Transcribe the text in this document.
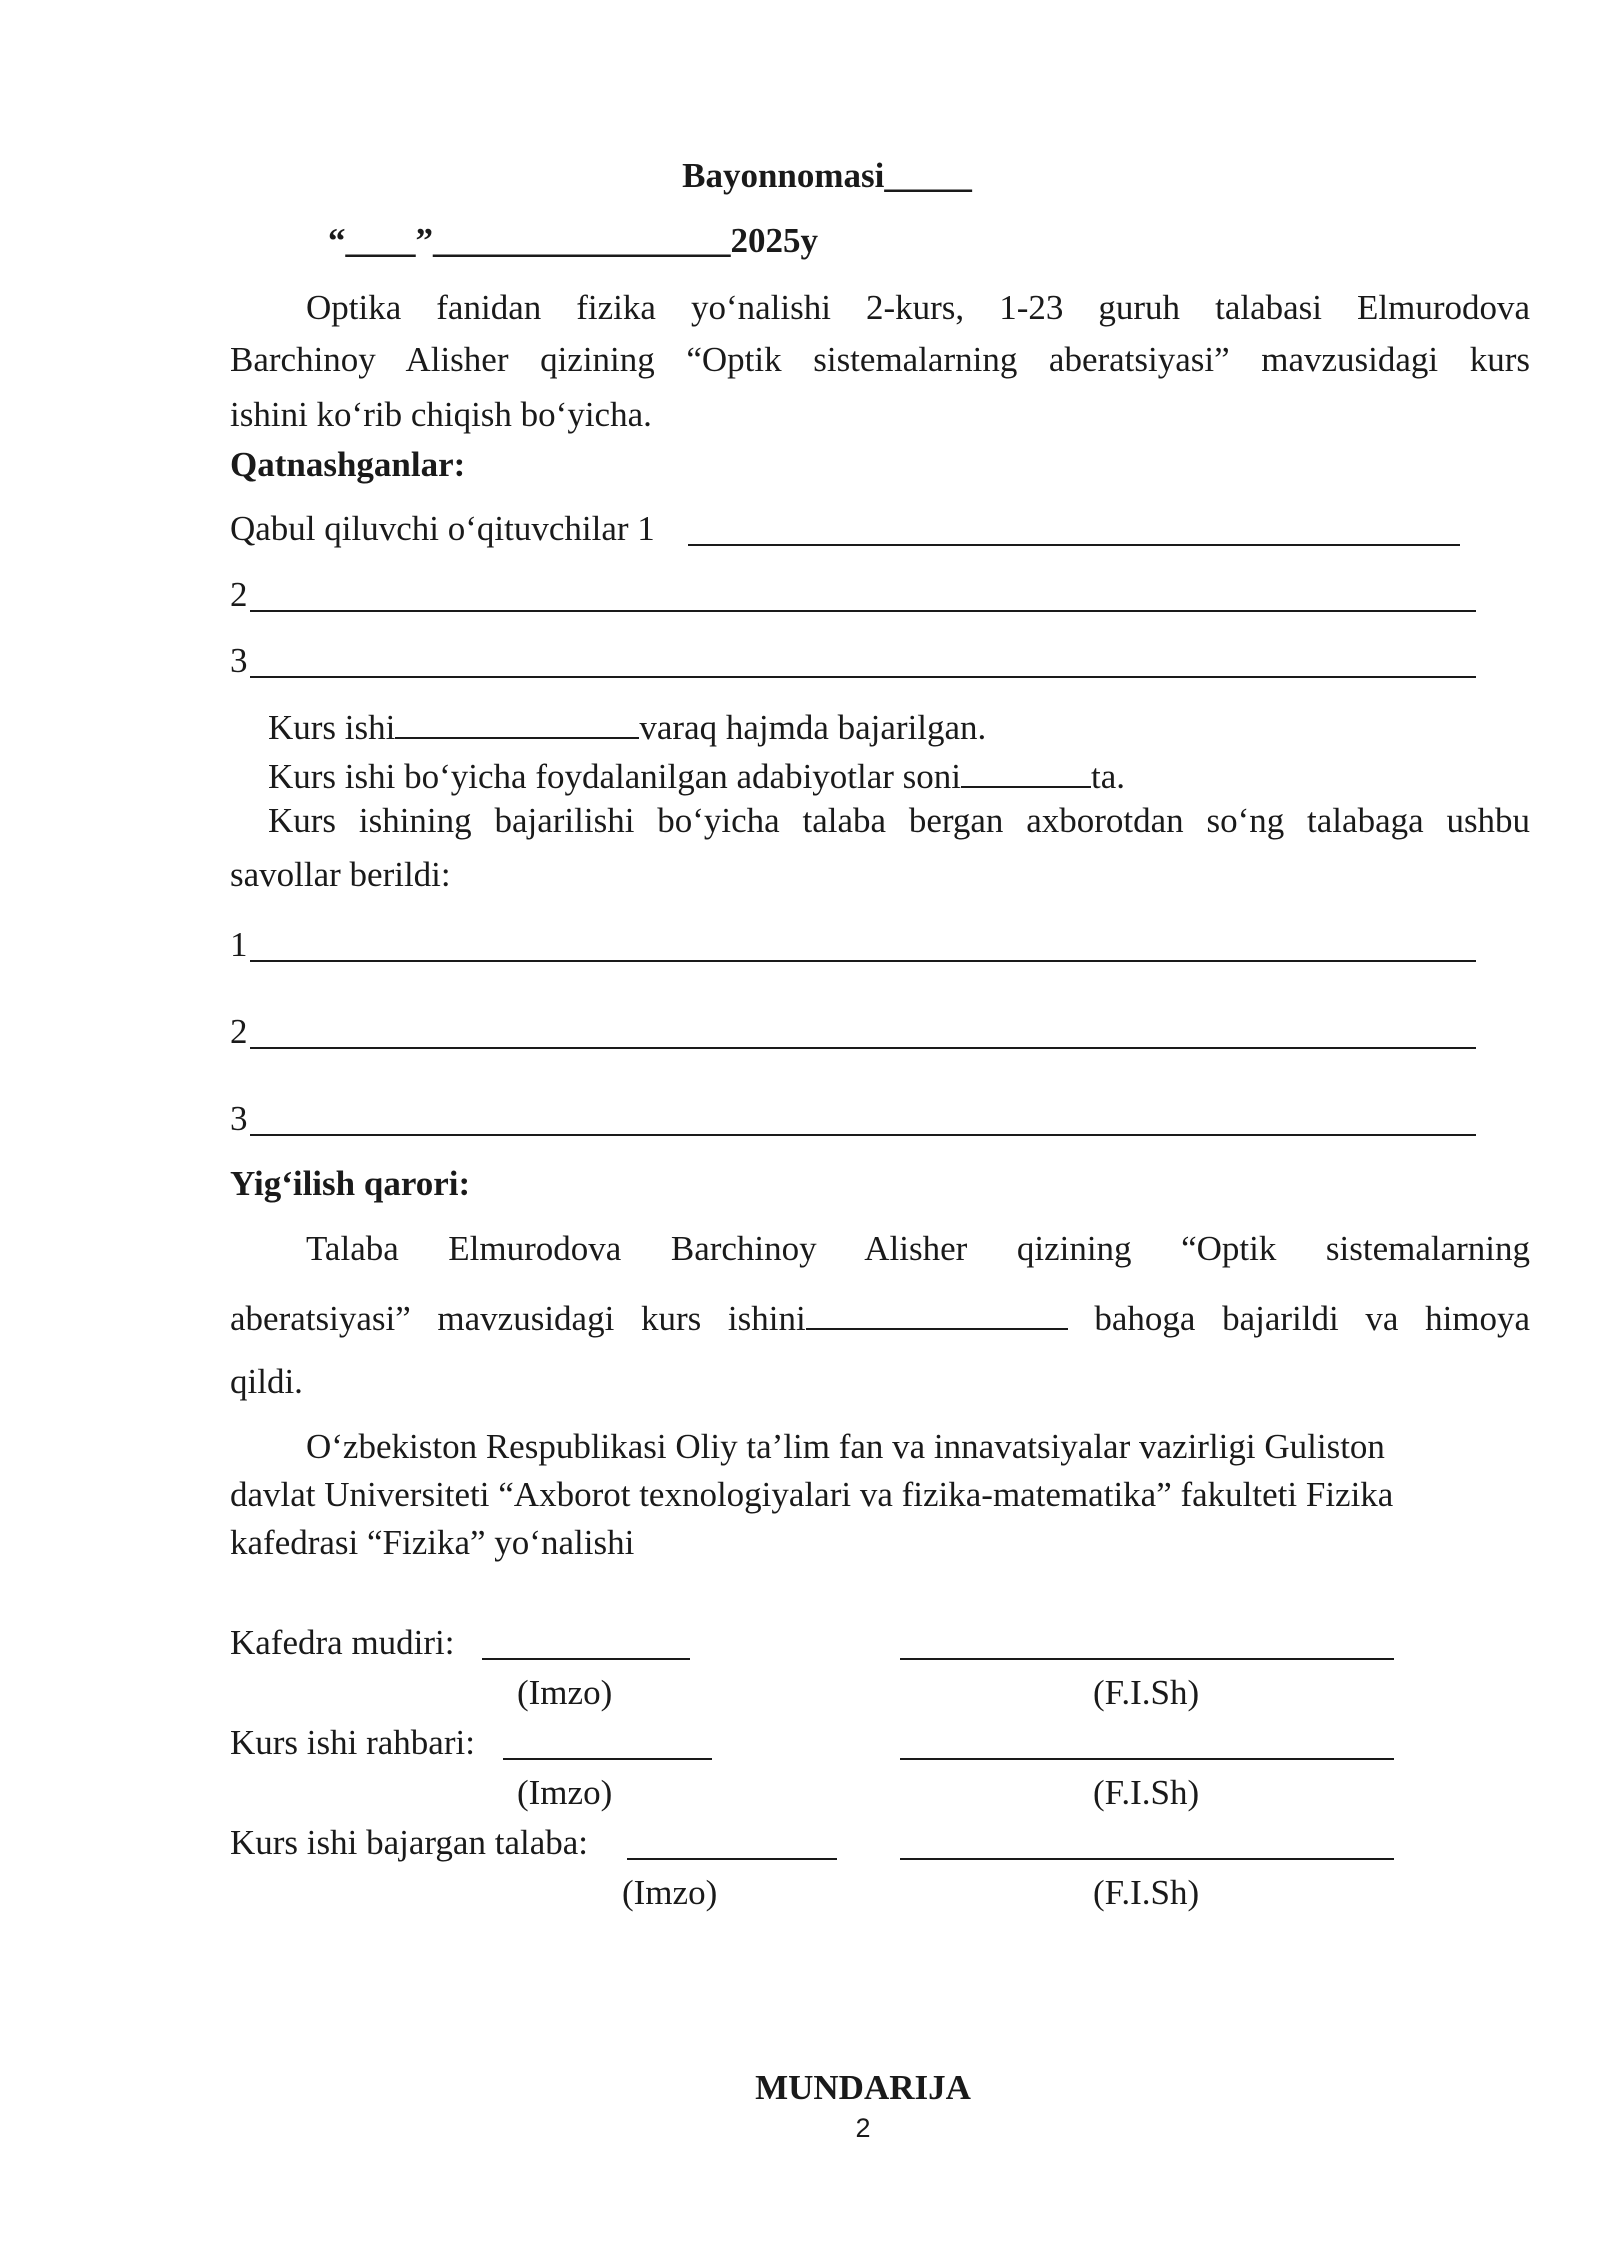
Bayonnomasi_____
“____”_________________2025y
Optika fanidan fizika yo‘nalishi 2-kurs, 1-23 guruh talabasi Elmurodova
Barchinoy Alisher qizining “Optik sistemalarning aberatsiyasi” mavzusidagi kurs
ishini ko‘rib chiqish bo‘yicha.
Qatnashganlar:
Qabul qiluvchi o‘qituvchilar 1
2
3
Kurs ishi	varaq hajmda bajarilgan.
Kurs ishi bo‘yicha foydalanilgan adabiyotlar soni	ta.
Kurs ishining bajarilishi bo‘yicha talaba bergan axborotdan so‘ng talabaga ushbu
savollar berildi:
1
2
3
Yig‘ilish qarori:
Talaba Elmurodova Barchinoy Alisher qizining “Optik sistemalarning
aberatsiyasi” mavzusidagi kurs ishini	bahoga bajarildi va himoya
qildi.
O‘zbekiston Respublikasi Oliy ta’lim fan va innavatsiyalar vazirligi Guliston
davlat Universiteti “Axborot texnologiyalari va fizika-matematika” fakulteti Fizika
kafedrasi “Fizika” yo‘nalishi
Kafedra mudiri:
(Imzo)	(F.I.Sh)
Kurs ishi rahbari:
(Imzo)	(F.I.Sh)
Kurs ishi bajargan talaba:
(Imzo)	(F.I.Sh)
MUNDARIJA
2
